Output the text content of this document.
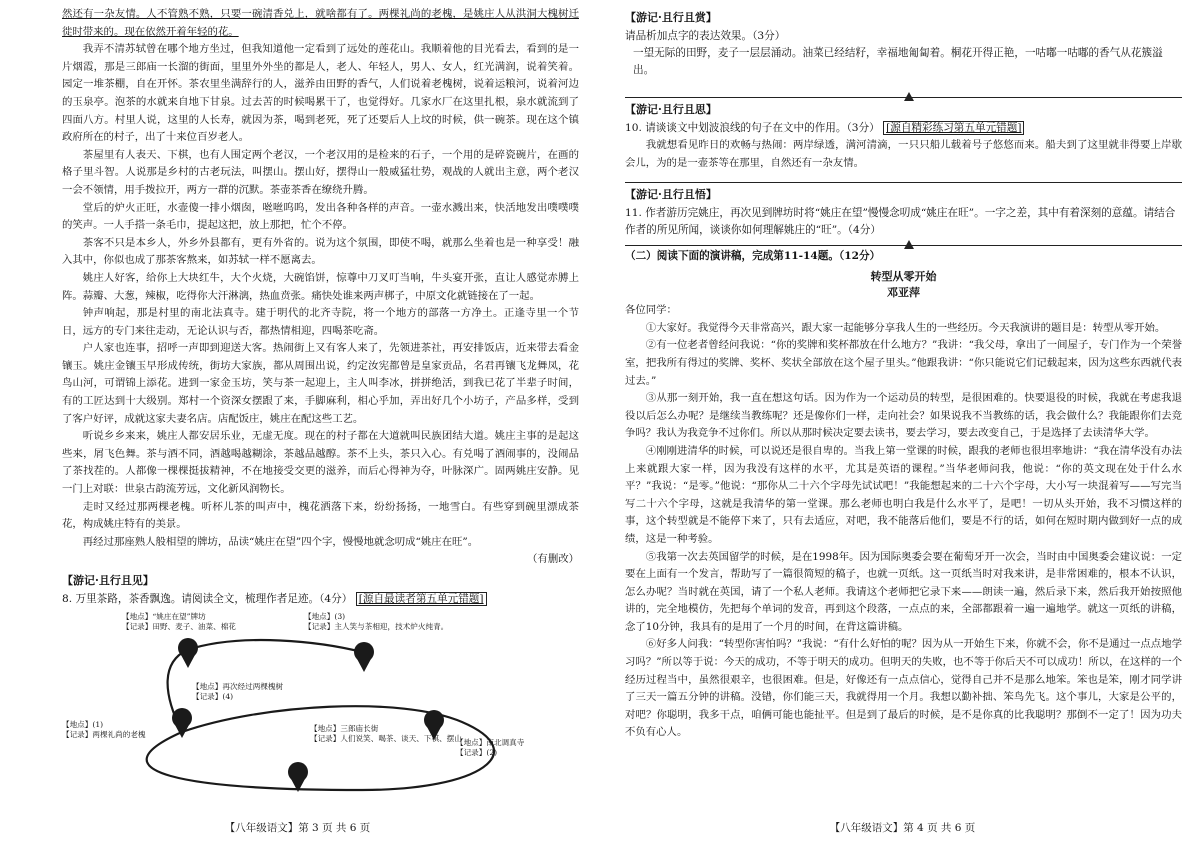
然还有一杂友情。人不管熟不熟，只要一碗清香兑上，就啥都有了。两棵礼尚的老槐，是姚庄人从洪洞大槐树迁徙时带来的。现在依然开着年轻的花。

我弄不清苏轼曾在哪个地方坐过，但我知道他一定看到了远处的莲花山。我顺着他的目光看去，看到的是一片烟霞，那是三郎庙一长溜的街面，里里外外坐的都是人，老人、年轻人，男人、女人，红光满润，说着笑着。园定一堆茶棚，自在开怀。茶农里坐满辞行的人，滋养由田野的香气，人们说着老槐树，说着运粮河，说着河边的玉泉亭。泡茶的水就来自地下甘泉。过去苦的时候喝累干了，也觉得好。几家水厂在这里扎根，泉水就流到了四面八方。村里人说，这里的人长寿，就因为茶，喝到老死，死了还要后人上坟的时候，供一碗茶。现在这个镇政府所在的村子，出了十来位百岁老人。

茶屋里有人表天、下棋，也有人围定两个老汉，一个老汉用的是检来的石子，一个用的是碎瓷碗片，在画的格子里斗智。人说那是乡村的古老玩法，叫摆山。摆山好，摆得山一般威猛壮势，观战的人就出主意，两个老汉一会不领情，用手拨拉开，两方一群的沉默。茶壶茶香在缭绕升腾。

堂后的炉火正旺，水壶傻一排小烟囱，咝咝呜呜，发出各种各样的声音。一壶水溅出来，快活地发出噗噗噗的笑声。一人手搭一条毛巾，提起这把，放上那把，忙个不停。

茶客不只是本乡人，外乡外县都有，更有外省的。说为这个氛围，即使不喝，就那么坐着也是一种享受！融入其中，你似也成了那茶客熬来，如苏轼一样不愿离去。

姚庄人好客，给你上大块红牛，大个火烧，大碗馅饼，惊尊中刀叉叮当响，牛头宴开张，直让人感觉赤膊上阵。蒜瓣、大葱，辣椒，吃得你大汗淋漓，热血贲张。痛快处谁来两声梆子，中原文化就链接在了一起。

钟声响起，那是村里的南北法真寺。建于明代的北齐寺院，将一个地方的部落一方净土。正逢寺里一个节日，远方的专门来往走动，无论认识与否，都热情相迎，四喝茶吃斋。

户人家也连事，招呼一声即到迎送大客。热闹街上又有客人来了，先领进茶社，再安排饭店，近来带去看金镶玉。姚庄金镶玉早形成传统，街坊大家族，都从周围出说，约定汝宪都曾是皇家贡品，名君再镶飞龙舞凤，花鸟山河，可谓锦上添花。进到一家金玉坊，笑与茶一起迎上，主人叫李冰，拼拼绝活，到我已花了半辈子时间，有的工匠达到十大级别。郑村一个资深女摆跟了来，手脚麻利，相心乎加，弄出好几个小坊子，产品多样，受到了客户好评，成就这家夫妻名店。店配饭庄，姚庄在配这些工艺。

听说乡乡来来，姚庄人都安居乐业，无虚无度。现在的村子都在大道就叫民族团结大道。姚庄主事的是起这些来，屑飞色舞。茶与酒不同，酒越喝越糊涂，茶越品越醇。茶不上头，茶只入心。有兑喝了酒闹事的，没闹品了茶找茬的。人都像一棵棵挺拔精神，不在地接受交更的滋养，而后心得神为夺，叶脉深广。固两姚庄安静。见一门上对联：世泉古韵流芳远，文化新风润物长。

走时又经过那两棵老槐。听杯儿茶的叫声中，槐花洒落下来，纷纷扬扬，一地雪白。有些穿到碗里漂成茶花，构成姚庄特有的美景。

再经过那座熟人般相望的牌坊，品读“姚庄在望”四个字，慢慢地就念叨成“姚庄在旺”。

（有删改）

【游记·且行且见】

8. 万里茶路，茶香飘逸。请阅读全文，梳理作者足迹。（4分） [源自最读者第五单元错题]

【地点】“姚庄在望”牌坊
【记录】田野、麦子、油菜、棉花
【地点】(3)
【记录】主人笑与茶相迎，技术炉火纯青。
【地点】再次经过两棵槐树
【记录】(4)
【地点】(1)
【记录】两棵礼尚的老槐
【地点】三郎庙长街
【记录】人们说笑、喝茶、谈天、下棋、摆山
【地点】南北调真寺
【记录】(2)
【八年级语文】第 3 页 共 6 页
【游记·且行且赏】

请品析加点字的表达效果。（3分）

一望无际的田野，麦子一层层涌动。油菜已经结籽，幸福地匍匐着。桐花开得正艳，一咕嘟一咕嘟的香气从花簇溢出。

【游记·且行且思】

10. 请谈谈文中划波浪线的句子在文中的作用。（3分） [源自精彩练习第五单元错题]

我就想看见昨日的欢畅与热闹：两岸绿透，满河清滴，一只只船儿载着号子悠悠而来。船夫到了这里就非得要上岸歇会儿，为的是一壶茶等在那里，自然还有一杂友情。

【游记·且行且悟】

11. 作者游历完姚庄，再次见到牌坊时将“姚庄在望”慢慢念叨成“姚庄在旺”。一字之差，其中有着深刻的意蕴。请结合作者的所见所闻，谈谈你如何理解姚庄的“旺”。（4分）

（二）阅读下面的演讲稿，完成第11-14题。（12分）

转型从零开始
邓亚萍

各位同学：

①大家好。我觉得今天非常高兴，跟大家一起能够分享我人生的一些经历。今天我演讲的题目是：转型从零开始。

②有一位老者曾经问我说：“你的奖牌和奖杯都放在什么地方？”我讲：“我父母，拿出了一间屋子，专门作为一个荣誉室，把我所有得过的奖牌、奖杯、奖状全部放在这个屋子里头。”他跟我讲：“你只能说它们记载起来，因为这些东西就代表过去。”

③从那一刻开始，我一直在想这句话。因为作为一个运动员的转型，是很困难的。快要退役的时候，我就在考虑我退役以后怎么办呢？是继续当教练呢？还是像你们一样，走向社会？如果说我不当教练的话，我会做什么？我能跟你们去竞争吗？我认为我竞争不过你们。所以从那时候决定要去读书，要去学习，要去改变自己，于是选择了去读清华大学。

④刚刚进清华的时候，可以说还是很自卑的。当我上第一堂课的时候，跟我的老师也很坦率地讲：“我在清华没有办法上来就跟大家一样，因为我没有这样的水平，尤其是英语的课程。”当华老师问我，他说：“你的英文现在处于什么水平？”我说：“是零。”他说：“那你从二十六个字母先试试吧！”我能想起来的二十六个字母，大小写一块混着写——写完当写二十六个字母，这就是我清华的第一堂课。那么老师也明白我是什么水平了，是吧！一切从头开始，我不习惯这样的事，这个转型就是不能停下来了，只有去适应，对吧，我不能落后他们，要是不行的话，如何在短时期内做到好一点的成绩，这是一种考验。

⑤我第一次去英国留学的时候，是在1998年。因为国际奥委会要在葡萄牙开一次会，当时由中国奥委会建议说：一定要在上面有一个发言，帮助写了一篇很简短的稿子，也就一页纸。这一页纸当时对我来讲，是非常困难的，根本不认识，怎么办呢？当时就在英国，请了一个私人老师。我请这个老师把它录下来——朗读一遍，然后录下来，然后我开始按照他讲的，完全地模仿，先把每个单词的发音，再到这个段落，一点点的来，全部都跟着一遍一遍地学。就这一页纸的讲稿，念了10分钟，我具有的是用了一个月的时间，在背这篇讲稿。

⑥好多人问我：“转型你害怕吗？”我说：“有什么好怕的呢？因为从一开始生下来，你就不会，你不是通过一点点地学习吗？”所以等于说：今天的成功，不等于明天的成功。但明天的失败，也不等于你后天不可以成功！所以，在这样的一个经历过程当中，虽然很艰辛，也很困难。但是，好像还有一点点信心，觉得自己并不是那么地笨。笨也是笨，刚才同学讲了三天一篇五分钟的讲稿。没错，你们能三天，我就得用一个月。我想以勤补拙、笨鸟先飞。这个事儿，大家是公平的，对吧？你聪明，我多干点，咱俩可能也能扯平。但是到了最后的时候，是不是你真的比我聪明？那倒不一定了！因为功夫不负有心人。

【八年级语文】第 4 页 共 6 页
